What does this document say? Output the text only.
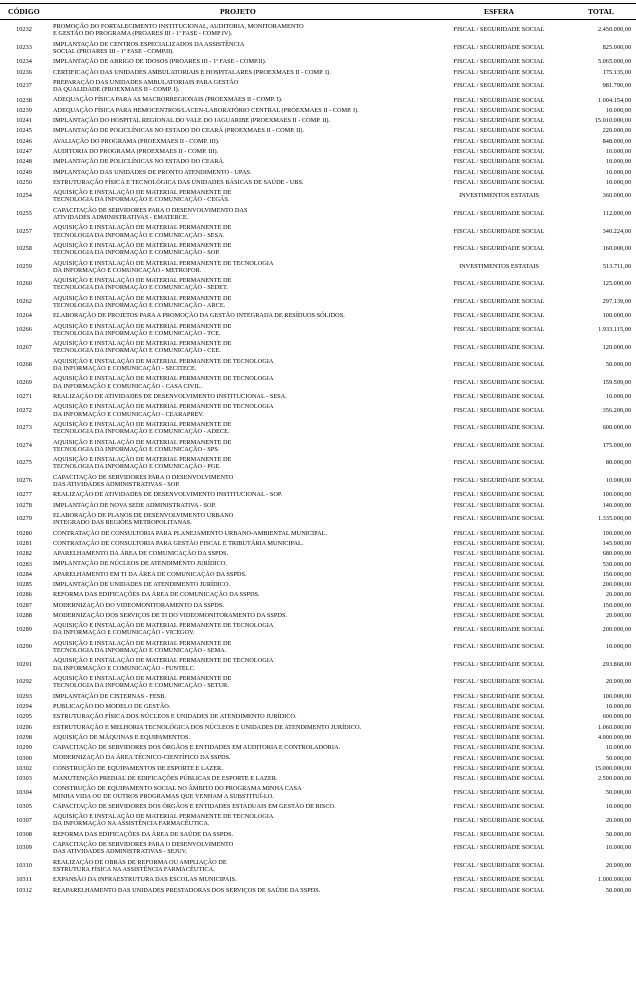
CÓDIGO	PROJETO	ESFERA	TOTAL
10232	PROMOÇÃO DO FORTALECIMENTO INSTITUCIONAL, AUDITORIA, MONITORAMENTO
E GESTÃO DO PROGRAMA (PROARES III - 1ª FASE - COMP IV).
FISCAL / SEGURIDADE SOCIAL	2.450.000,00
10233	IMPLANTAÇÃO DE CENTROS ESPECIALIZADOS DA ASSISTÊNCIA
SOCIAL (PROARES III - 1ª FASE - COMP.II).
FISCAL / SEGURIDADE SOCIAL	825.000,00
10234	IMPLANTAÇÃO DE ABRIGO DE IDOSOS (PROARES III - 1ª FASE - COMP.II).	FISCAL / SEGURIDADE SOCIAL	5.065.000,00
10236	CERTIFICAÇÃO DAS UNIDADES AMBULATORIAIS E HOSPITALARES (PROEXMAES II - COMP. I).	FISCAL / SEGURIDADE SOCIAL	175.135,00
10237	PREPARAÇÃO DAS UNIDADES AMBULATORIAIS PARA GESTÃO
DA QUALIDADE (PROEXMAES II - COMP. I).
FISCAL / SEGURIDADE SOCIAL	981.790,00
10238	ADEQUAÇÃO FÍSICA PARA AS MACRORREGIONAIS (PROEXMAES II - COMP. I).	FISCAL / SEGURIDADE SOCIAL	1.004.154,00
10239	ADEQUAÇÃO FÍSICA PARA HEMOCENTROS/LACEN-LABORATÓRIO CENTRAL (PROEXMAES II - COMP. I).	FISCAL / SEGURIDADE SOCIAL	10.000,00
10241	IMPLANTAÇÃO DO HOSPITAL REGIONAL DO VALE DO JAGUARIBE (PROEXMAES II - COMP. II).	FISCAL / SEGURIDADE SOCIAL	15.010.000,00
10245	IMPLANTAÇÃO DE POLICLÍNICAS NO ESTADO DO CEARÁ (PROEXMAES II - COMP. II).	FISCAL / SEGURIDADE SOCIAL	220.000,00
10246	AVALIAÇÃO DO PROGRAMA (PROEXMAES II - COMP. III).	FISCAL / SEGURIDADE SOCIAL	848.000,00
10247	AUDITORIA DO PROGRAMA (PROEXMAES II - COMP. III).	FISCAL / SEGURIDADE SOCIAL	10.000,00
10248	IMPLANTAÇÃO DE POLICLÍNICAS NO ESTADO DO CEARÁ.	FISCAL / SEGURIDADE SOCIAL	10.000,00
10249	IMPLANTAÇÃO DAS UNIDADES DE PRONTO ATENDIMENTO - UPAS.	FISCAL / SEGURIDADE SOCIAL	10.000,00
10250	ESTRUTURAÇÃO FÍSICA E TECNOLÓGICA DAS UNIDADES BÁSICAS DE SAÚDE - UBS.	FISCAL / SEGURIDADE SOCIAL	10.000,00
10254	AQUISIÇÃO E INSTALAÇÃO DE MATERIAL PERMANENTE DE
TECNOLOGIA DA INFORMAÇÃO E COMUNICAÇÃO - CEGÁS.
INVESTIMENTOS ESTATAIS	360.000,00
10255	CAPACITAÇÃO DE SERVIDORES PARA O DESENVOLVIMENTO DAS
ATIVIDADES ADMINISTRATIVAS - EMATERCE.
FISCAL / SEGURIDADE SOCIAL	112.000,00
10257	AQUISIÇÃO E INSTALAÇÃO DE MATERIAL PERMANENTE DE
TECNOLOGIA DA INFORMAÇÃO E COMUNICAÇÃO - SESA.
FISCAL / SEGURIDADE SOCIAL	340.224,00
10258	AQUISIÇÃO E INSTALAÇÃO DE MATERIAL PERMANENTE DE
TECNOLOGIA DA INFORMAÇÃO E COMUNICAÇÃO - SOP.
FISCAL / SEGURIDADE SOCIAL	160.000,00
10259	AQUISIÇÃO E INSTALAÇÃO DE MATERIAL PERMANENTE DE TECNOLOGIA
DA INFORMAÇÃO E COMUNICAÇÃO - METROFOR.
INVESTIMENTOS ESTATAIS	513.711,00
10260	AQUISIÇÃO E INSTALAÇÃO DE MATERIAL PERMANENTE DE
TECNOLOGIA DA INFORMAÇÃO E COMUNICAÇÃO - SEDET.
FISCAL / SEGURIDADE SOCIAL	125.000,00
10262	AQUISIÇÃO E INSTALAÇÃO DE MATERIAL PERMANENTE DE
TECNOLOGIA DA INFORMAÇÃO E COMUNICAÇÃO - ARCE.
FISCAL / SEGURIDADE SOCIAL	297.139,00
10264	ELABORAÇÃO DE PROJETOS PARA A PROMOÇÃO DA GESTÃO INTEGRADA DE RESÍDUOS SÓLIDOS.	FISCAL / SEGURIDADE SOCIAL	100.000,00
10266	AQUISIÇÃO E INSTALAÇÃO DE MATERIAL PERMANENTE DE
TECNOLOGIA DA INFORMAÇÃO E COMUNICAÇÃO - TCE.
FISCAL / SEGURIDADE SOCIAL	1.933.115,00
10267	AQUISIÇÃO E INSTALAÇÃO DE MATERIAL PERMANENTE DE
TECNOLOGIA DA INFORMAÇÃO E COMUNICAÇÃO - CEE.
FISCAL / SEGURIDADE SOCIAL	120.000,00
10268	AQUISIÇÃO E INSTALAÇÃO DE MATERIAL PERMANENTE DE TECNOLOGIA
DA INFORMAÇÃO E COMUNICAÇÃO - SECITECE.
FISCAL / SEGURIDADE SOCIAL	50.000,00
10269	AQUISIÇÃO E INSTALAÇÃO DE MATERIAL PERMANENTE DE TECNOLOGIA
DA INFORMAÇÃO E COMUNICAÇÃO - CASA CIVIL.
FISCAL / SEGURIDADE SOCIAL	159.509,00
10271	REALIZAÇÃO DE ATIVIDADES DE DESENVOLVIMENTO INSTITUCIONAL - SESA.	FISCAL / SEGURIDADE SOCIAL	10.000,00
10272	AQUISIÇÃO E INSTALAÇÃO DE MATERIAL PERMANENTE DE TECNOLOGIA
DA INFORMAÇÃO E COMUNICAÇÃO - CEARAPREV.
FISCAL / SEGURIDADE SOCIAL	356.200,00
10273	AQUISIÇÃO E INSTALAÇÃO DE MATERIAL PERMANENTE DE
TECNOLOGIA DA INFORMAÇÃO E COMUNICAÇÃO - ADECE.
FISCAL / SEGURIDADE SOCIAL	600.000,00
10274	AQUISIÇÃO E INSTALAÇÃO DE MATERIAL PERMANENTE DE
TECNOLOGIA DA INFORMAÇÃO E COMUNICAÇÃO - SPS.
FISCAL / SEGURIDADE SOCIAL	175.000,00
10275	AQUISIÇÃO E INSTALAÇÃO DE MATERIAL PERMANENTE DE
TECNOLOGIA DA INFORMAÇÃO E COMUNICAÇÃO - PGE.
FISCAL / SEGURIDADE SOCIAL	80.000,00
10276	CAPACITAÇÃO DE SERVIDORES PARA O DESENVOLVIMENTO
DAS ATIVIDADES ADMINISTRATIVAS - SOP.
FISCAL / SEGURIDADE SOCIAL	10.000,00
10277	REALIZAÇÃO DE ATIVIDADES DE DESENVOLVIMENTO INSTITUCIONAL - SOP.	FISCAL / SEGURIDADE SOCIAL	100.000,00
10278	IMPLANTAÇÃO DE NOVA SEDE ADMINISTRATIVA - SOP.	FISCAL / SEGURIDADE SOCIAL	140.000,00
10279	ELABORAÇÃO DE PLANOS DE DESENVOLVIMENTO URBANO
INTEGRADO DAS REGIÕES METROPOLITANAS.
FISCAL / SEGURIDADE SOCIAL	1.335.000,00
10280	CONTRATAÇÃO DE CONSULTORIA PARA PLANEJAMENTO URBANO-AMBIENTAL MUNICIPAL.	FISCAL / SEGURIDADE SOCIAL	190.000,00
10281	CONTRATAÇÃO DE CONSULTORIA PARA GESTÃO FISCAL E TRIBUTÁRIA MUNICIPAL.	FISCAL / SEGURIDADE SOCIAL	145.000,00
10282	APARELHAMENTO DA ÁREA DE COMUNICAÇÃO DA SSPDS.	FISCAL / SEGURIDADE SOCIAL	680.000,00
10283	IMPLANTAÇÃO DE NÚCLEOS DE ATENDIMENTO JURÍDICO.	FISCAL / SEGURIDADE SOCIAL	530.000,00
10284	APARELHAMENTO EM TI DA ÁREA DE COMUNICAÇÃO DA SSPDS.	FISCAL / SEGURIDADE SOCIAL	150.000,00
10285	IMPLANTAÇÃO DE UNIDADES DE ATENDIMENTO JURÍDICO.	FISCAL / SEGURIDADE SOCIAL	200.000,00
10286	REFORMA DAS EDIFICAÇÕES DA ÁREA DE COMUNICAÇÃO DA SSPDS.	FISCAL / SEGURIDADE SOCIAL	20.000,00
10287	MODERNIZAÇÃO DO VIDEOMONITORAMENTO DA SSPDS.	FISCAL / SEGURIDADE SOCIAL	150.000,00
10288	MODERNIZAÇÃO DOS SERVIÇOS DE TI DO VIDEOMONITORAMENTO DA SSPDS.	FISCAL / SEGURIDADE SOCIAL	20.000,00
10289	AQUISIÇÃO E INSTALAÇÃO DE MATERIAL PERMANENTE DE TECNOLOGIA
DA INFORMAÇÃO E COMUNICAÇÃO - VICEGOV.
FISCAL / SEGURIDADE SOCIAL	200.000,00
10290	AQUISIÇÃO E INSTALAÇÃO DE MATERIAL PERMANENTE DE
TECNOLOGIA DA INFORMAÇÃO E COMUNICAÇÃO - SEMA.
FISCAL / SEGURIDADE SOCIAL	10.000,00
10291	AQUISIÇÃO E INSTALAÇÃO DE MATERIAL PERMANENTE DE TECNOLOGIA
DA INFORMAÇÃO E COMUNICAÇÃO - FUNTELC.
FISCAL / SEGURIDADE SOCIAL	293.868,00
10292	AQUISIÇÃO E INSTALAÇÃO DE MATERIAL PERMANENTE DE
TECNOLOGIA DA INFORMAÇÃO E COMUNICAÇÃO - SETUR.
FISCAL / SEGURIDADE SOCIAL	20.000,00
10293	IMPLANTAÇÃO DE CISTERNAS - FESB.	FISCAL / SEGURIDADE SOCIAL	100.000,00
10294	PUBLICAÇÃO DO MODELO DE GESTÃO.	FISCAL / SEGURIDADE SOCIAL	10.000,00
10295	ESTRUTURAÇÃO FÍSICA DOS NÚCLEOS E UNIDADES DE ATENDIMENTO JURÍDICO.	FISCAL / SEGURIDADE SOCIAL	600.000,00
10296	ESTRUTURAÇÃO E MELHORIA TECNOLÓGICA DOS NÚCLEOS E UNIDADES DE ATENDIMENTO JURÍDICO.	FISCAL / SEGURIDADE SOCIAL	1.060.000,00
10298	AQUISIÇÃO DE MÁQUINAS E EQUIPAMENTOS.	FISCAL / SEGURIDADE SOCIAL	4.000.000,00
10299	CAPACITAÇÃO DE SERVIDORES DOS ÓRGÃOS E ENTIDADES EM AUDITORIA E CONTROLADORIA.	FISCAL / SEGURIDADE SOCIAL	10.000,00
10300	MODERNIZAÇÃO DA ÁREA TÉCNICO-CIENTÍFICO DA SSPDS.	FISCAL / SEGURIDADE SOCIAL	50.000,00
10302	CONSTRUÇÃO DE EQUIPAMENTOS DE ESPORTE E LAZER.	FISCAL / SEGURIDADE SOCIAL	15.000.000,00
10303	MANUTENÇÃO PREDIAL DE EDIFICAÇÕES PÚBLICAS DE ESPORTE E LAZER.	FISCAL / SEGURIDADE SOCIAL	2.500.000,00
10304	CONSTRUÇÃO DE EQUIPAMENTO SOCIAL NO ÂMBITO DO PROGRAMA MINHA CASA
MINHA VIDA OU DE OUTROS PROGRAMAS QUE VENHAM A SUBSTITUÍ-LO.
FISCAL / SEGURIDADE SOCIAL	50.000,00
10305	CAPACITAÇÃO DE SERVIDORES DOS ÓRGÃOS E ENTIDADES ESTADUAIS EM GESTÃO DE RISCO.	FISCAL / SEGURIDADE SOCIAL	10.000,00
10307	AQUISIÇÃO E INSTALAÇÃO DE MATERIAL PERMANENTE DE TECNOLOGIA
DA INFORMAÇÃO NA ASSISTÊNCIA FARMACÊUTICA.
FISCAL / SEGURIDADE SOCIAL	20.000,00
10308	REFORMA DAS EDIFICAÇÕES DA ÁREA DE SAÚDE DA SSPDS.	FISCAL / SEGURIDADE SOCIAL	50.000,00
10309	CAPACITAÇÃO DE SERVIDORES PARA O DESENVOLVIMENTO
DAS ATIVIDADES ADMINISTRATIVAS - SEJUV.
FISCAL / SEGURIDADE SOCIAL	10.000,00
10310	REALIZAÇÃO DE OBRAS DE REFORMA OU AMPLIAÇÃO DE
ESTRUTURA FÍSICA NA ASSISTÊNCIA FARMACÊUTICA.
FISCAL / SEGURIDADE SOCIAL	20.000,00
10311	EXPANSÃO DA INFRAESTRUTURA DAS ESCOLAS MUNICIPAIS.	FISCAL / SEGURIDADE SOCIAL	1.000.000,00
10312	REAPARELHAMENTO DAS UNIDADES PRESTADORAS DOS SERVIÇOS DE SAÚDE DA SSPDS.	FISCAL / SEGURIDADE SOCIAL	50.000,00
